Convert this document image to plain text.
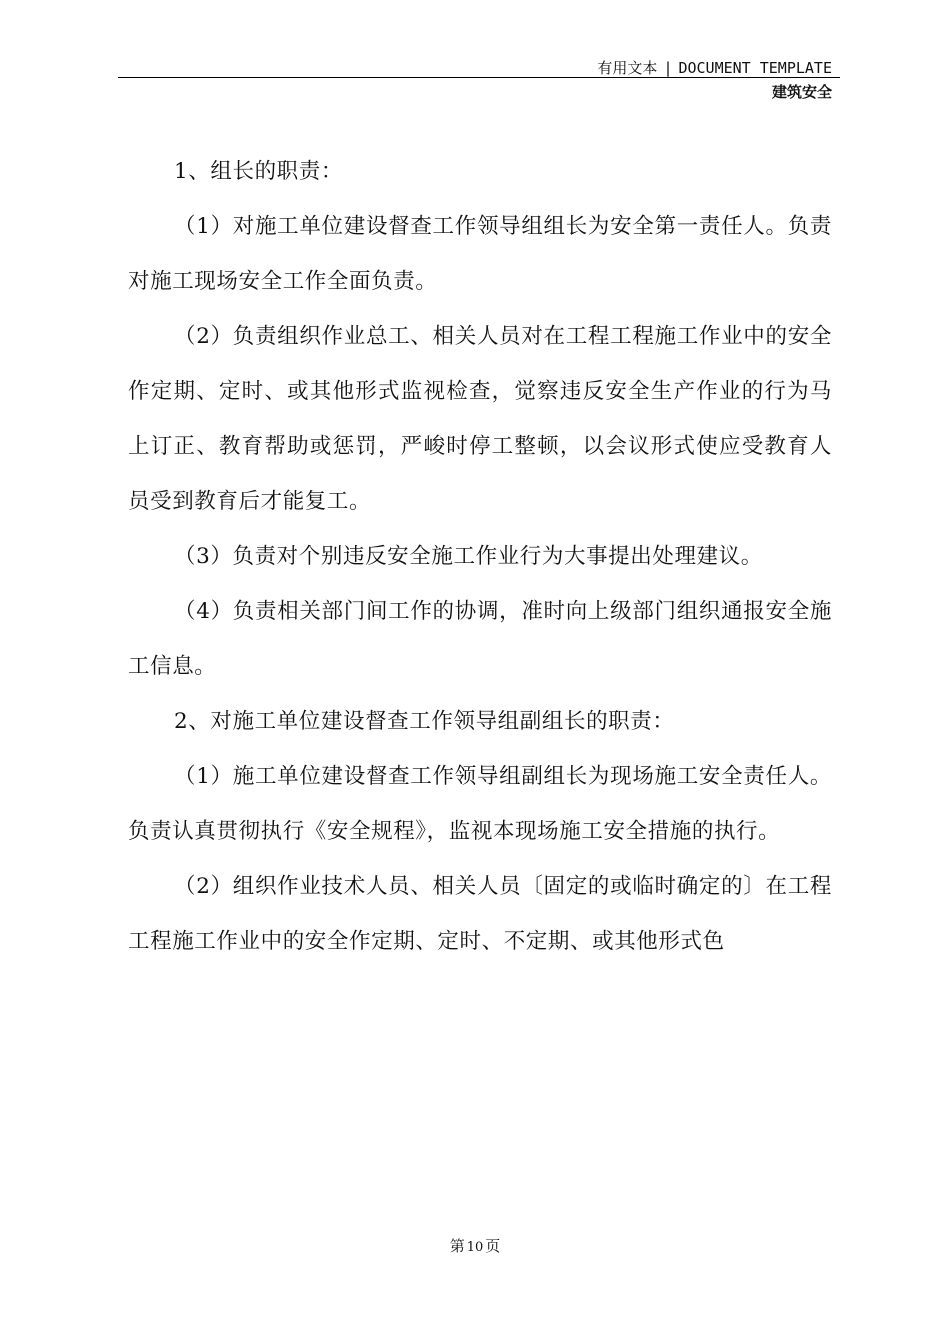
有用文本 | DOCUMENT TEMPLATE
建筑安全

1、组长的职责：

（1）对施工单位建设督查工作领导组组长为安全第一责任人。负责对施工现场安全工作全面负责。

（2）负责组织作业总工、相关人员对在工程工程施工作业中的安全作定期、定时、或其他形式监视检查，觉察违反安全生产作业的行为马上订正、教育帮助或惩罚，严峻时停工整顿，以会议形式使应受教育人员受到教育后才能复工。

（3）负责对个别违反安全施工作业行为大事提出处理建议。

（4）负责相关部门间工作的协调，准时向上级部门组织通报安全施工信息。

2、对施工单位建设督查工作领导组副组长的职责：

（1）施工单位建设督查工作领导组副组长为现场施工安全责任人。负责认真贯彻执行《安全规程》，监视本现场施工安全措施的执行。

（2）组织作业技术人员、相关人员〔固定的或临时确定的〕在工程工程施工作业中的安全作定期、定时、不定期、或其他形式色

第 10 页
